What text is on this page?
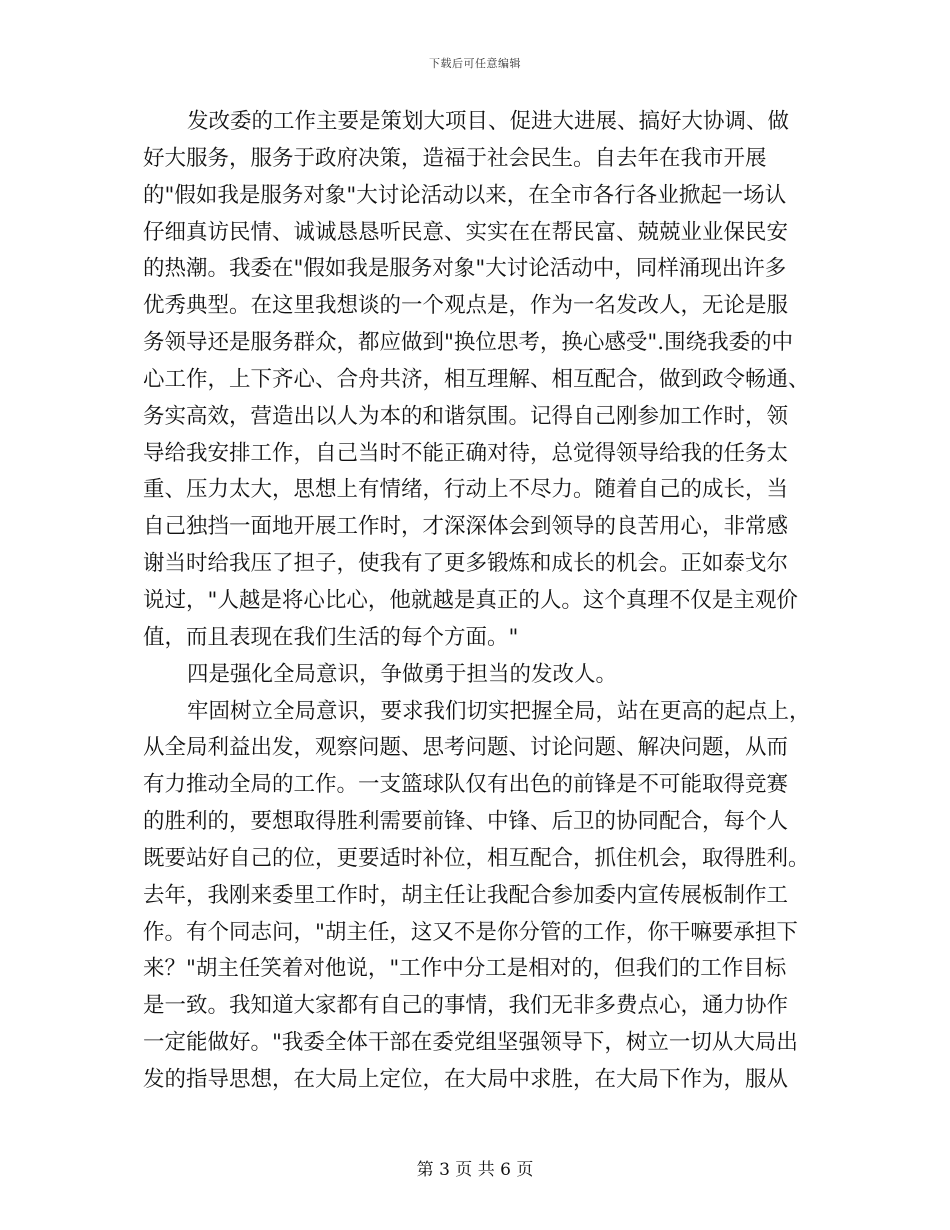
下载后可任意编辑
发改委的工作主要是策划大项目、促进大进展、搞好大协调、做
好大服务，服务于政府决策，造福于社会民生。自去年在我市开展
的"假如我是服务对象"大讨论活动以来，在全市各行各业掀起一场认
仔细真访民情、诚诚恳恳听民意、实实在在帮民富、兢兢业业保民安
的热潮。我委在"假如我是服务对象"大讨论活动中，同样涌现出许多
优秀典型。在这里我想谈的一个观点是，作为一名发改人，无论是服
务领导还是服务群众，都应做到"换位思考，换心感受".围绕我委的中
心工作，上下齐心、合舟共济，相互理解、相互配合，做到政令畅通、
务实高效，营造出以人为本的和谐氛围。记得自己刚参加工作时，领
导给我安排工作，自己当时不能正确对待，总觉得领导给我的任务太
重、压力太大，思想上有情绪，行动上不尽力。随着自己的成长，当
自己独挡一面地开展工作时，才深深体会到领导的良苦用心，非常感
谢当时给我压了担子，使我有了更多锻炼和成长的机会。正如泰戈尔
说过，"人越是将心比心，他就越是真正的人。这个真理不仅是主观价
值，而且表现在我们生活的每个方面。"
四是强化全局意识，争做勇于担当的发改人。
牢固树立全局意识，要求我们切实把握全局，站在更高的起点上，
从全局利益出发，观察问题、思考问题、讨论问题、解决问题，从而
有力推动全局的工作。一支篮球队仅有出色的前锋是不可能取得竞赛
的胜利的，要想取得胜利需要前锋、中锋、后卫的协同配合，每个人
既要站好自己的位，更要适时补位，相互配合，抓住机会，取得胜利。
去年，我刚来委里工作时，胡主任让我配合参加委内宣传展板制作工
作。有个同志问，"胡主任，这又不是你分管的工作，你干嘛要承担下
来？"胡主任笑着对他说，"工作中分工是相对的，但我们的工作目标
是一致。我知道大家都有自己的事情，我们无非多费点心，通力协作
一定能做好。"我委全体干部在委党组坚强领导下，树立一切从大局出
发的指导思想，在大局上定位，在大局中求胜，在大局下作为，服从
第 3 页 共 6 页
